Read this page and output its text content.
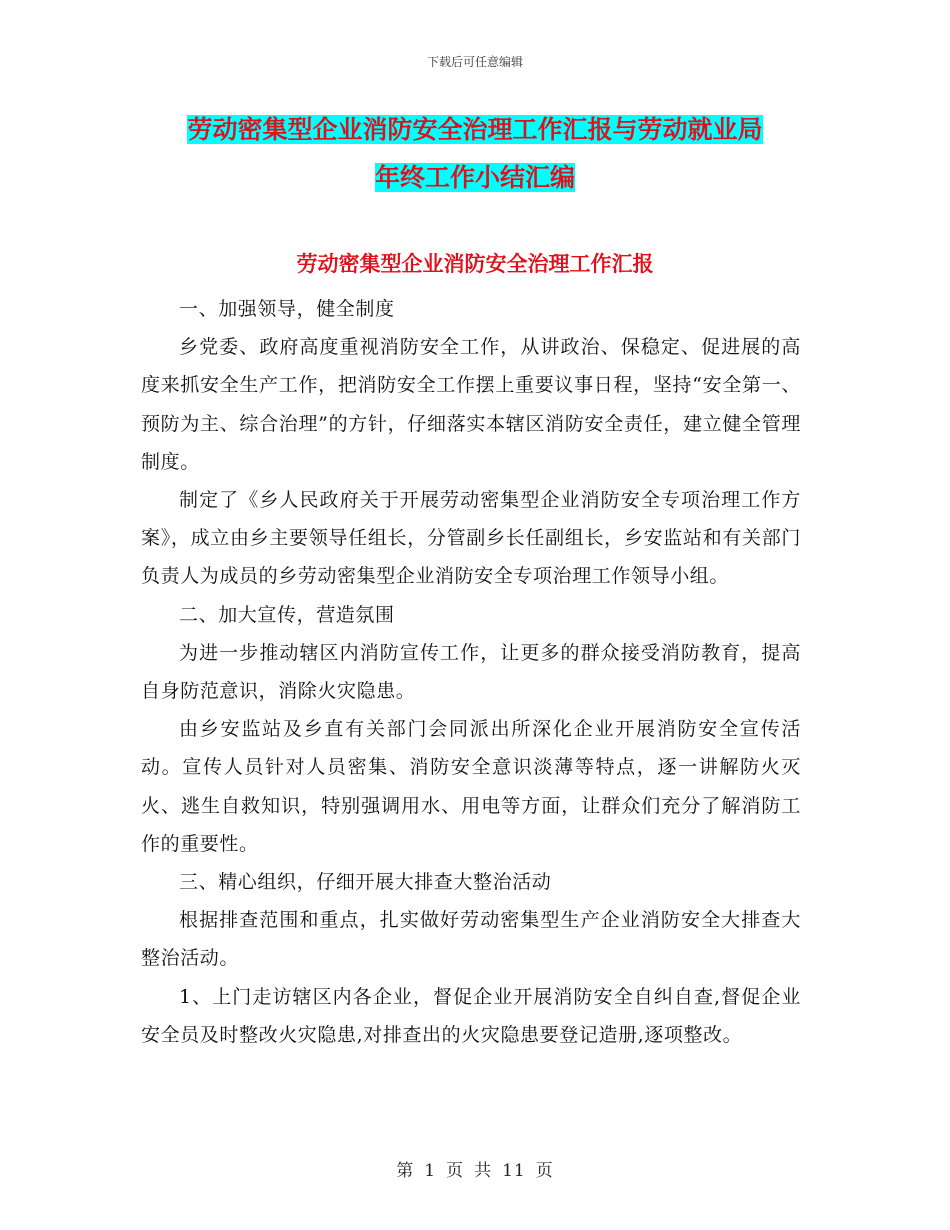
下载后可任意编辑
劳动密集型企业消防安全治理工作汇报与劳动就业局
年终工作小结汇编
劳动密集型企业消防安全治理工作汇报

一、加强领导，健全制度

乡党委、政府高度重视消防安全工作，从讲政治、保稳定、促进展的高度来抓安全生产工作，把消防安全工作摆上重要议事日程，坚持“安全第一、预防为主、综合治理”的方针，仔细落实本辖区消防安全责任，建立健全管理制度。

制定了《乡人民政府关于开展劳动密集型企业消防安全专项治理工作方案》，成立由乡主要领导任组长，分管副乡长任副组长，乡安监站和有关部门负责人为成员的乡劳动密集型企业消防安全专项治理工作领导小组。

二、加大宣传，营造氛围

为进一步推动辖区内消防宣传工作，让更多的群众接受消防教育，提高自身防范意识，消除火灾隐患。

由乡安监站及乡直有关部门会同派出所深化企业开展消防安全宣传活动。宣传人员针对人员密集、消防安全意识淡薄等特点，逐一讲解防火灭火、逃生自救知识，特别强调用水、用电等方面，让群众们充分了解消防工作的重要性。

三、精心组织，仔细开展大排查大整治活动

根据排查范围和重点，扎实做好劳动密集型生产企业消防安全大排查大整治活动。

1、上门走访辖区内各企业，督促企业开展消防安全自纠自查,督促企业安全员及时整改火灾隐患,对排查出的火灾隐患要登记造册,逐项整改。

第 1 页 共 11 页
